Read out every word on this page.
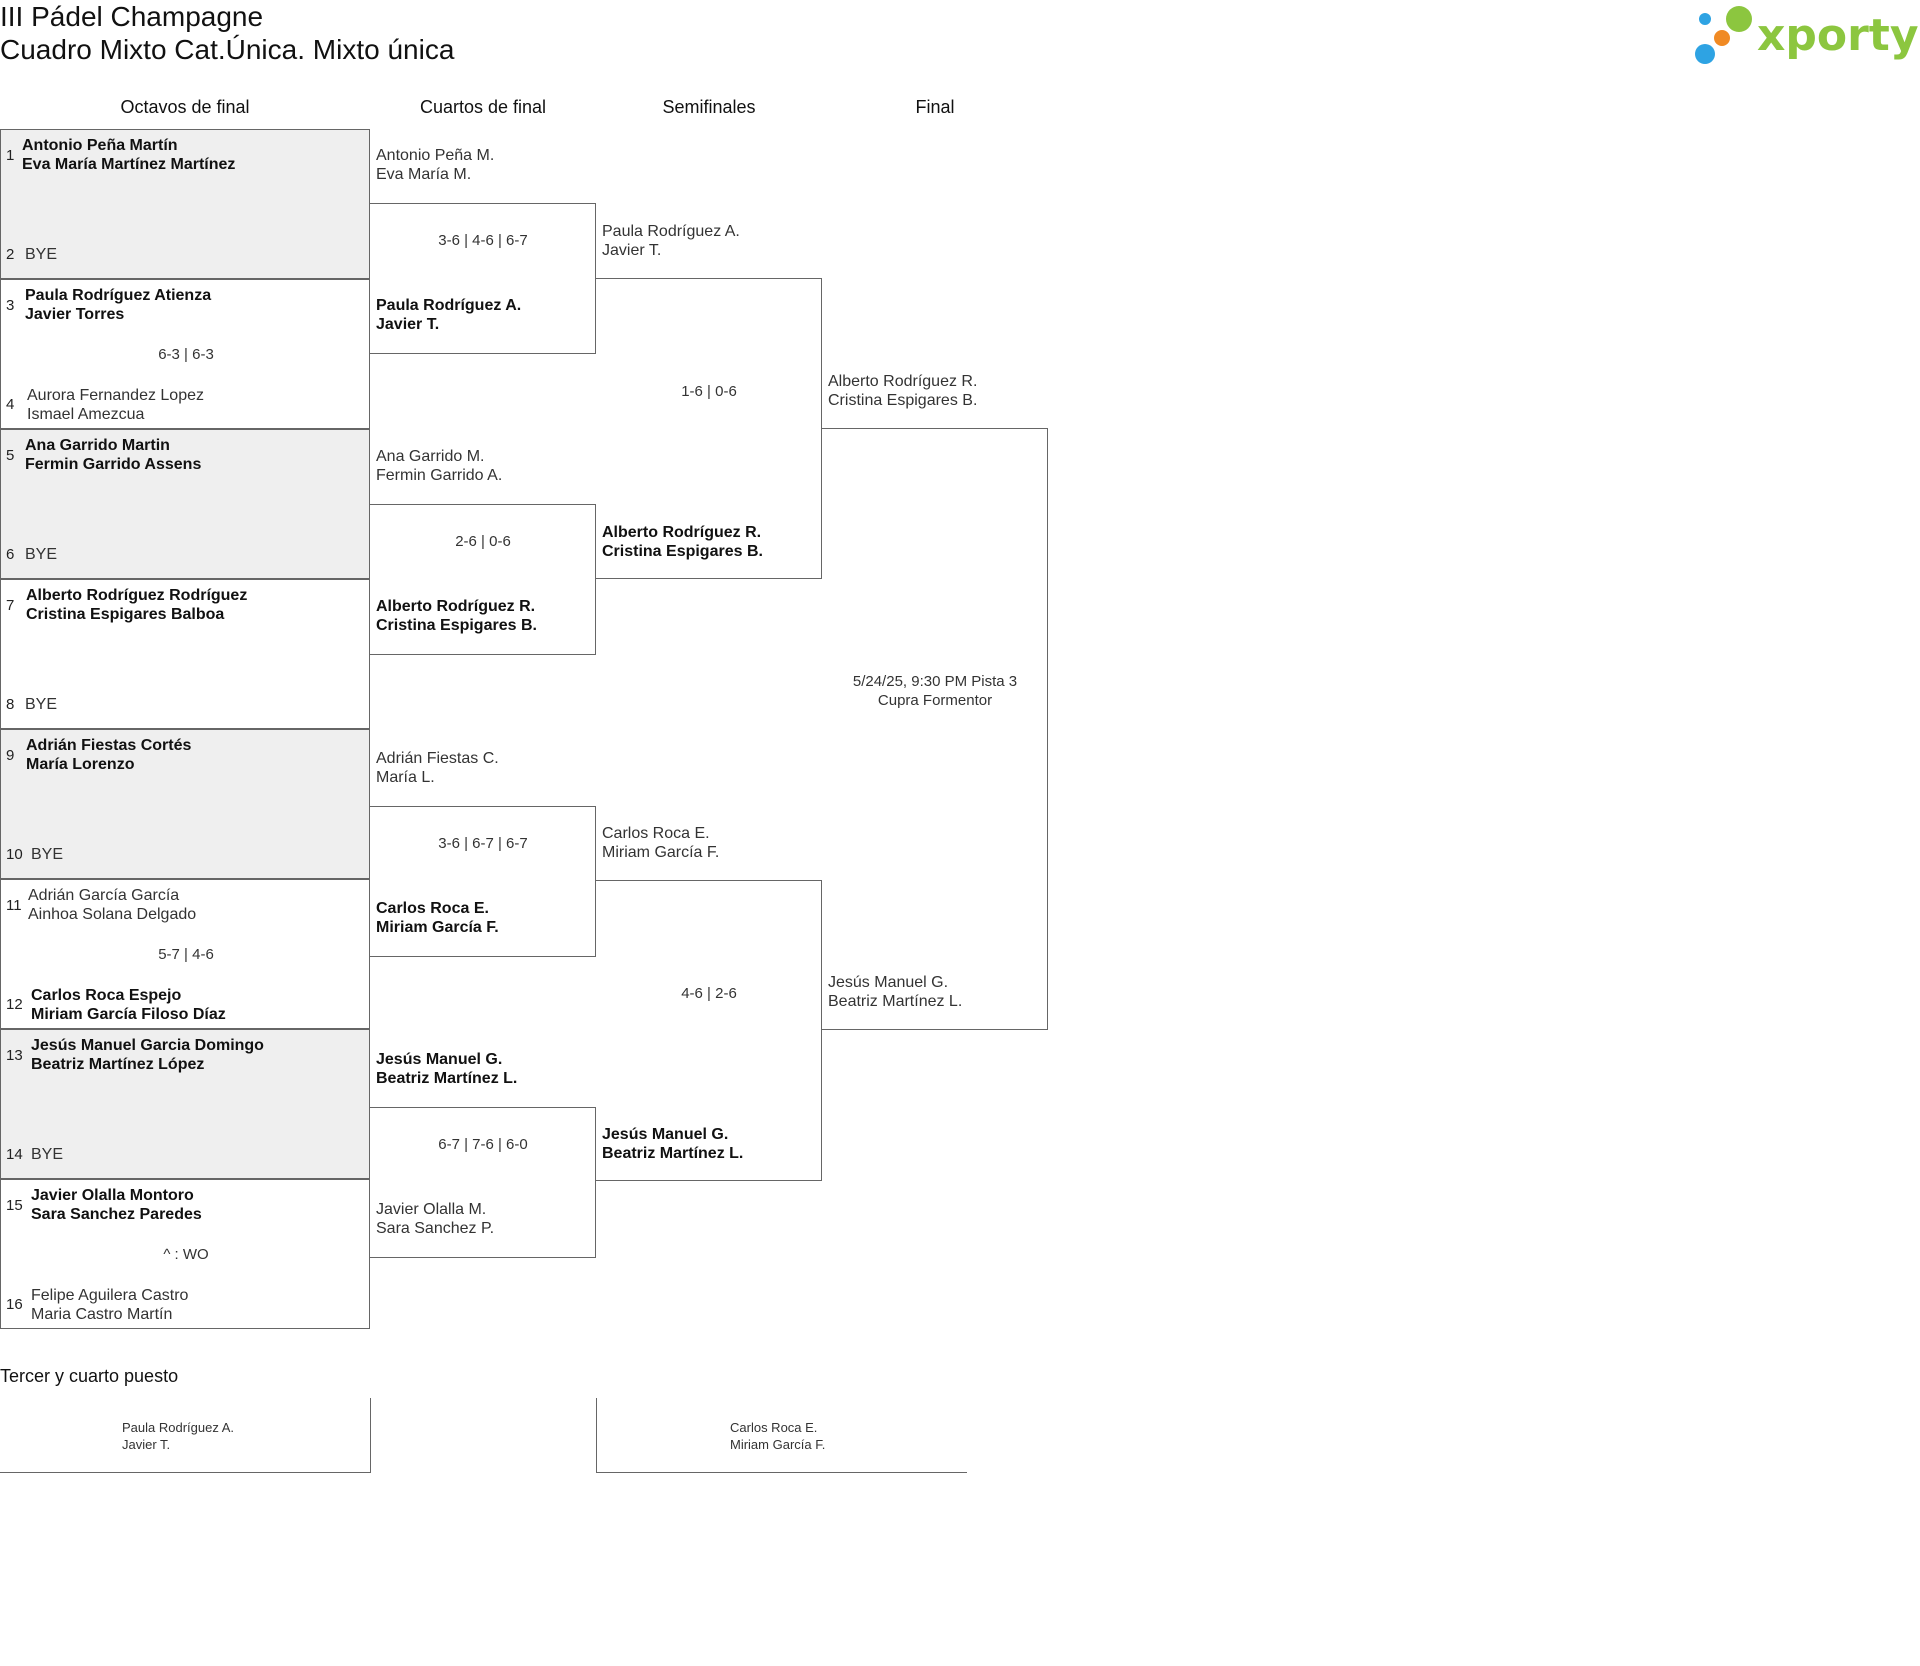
III Pádel Champagne
Cuadro Mixto Cat.Única. Mixto única	xporty
Octavos de final	Cuartos de final	Semifinales	Final
1
Antonio Peña Martín
Eva María Martínez Martínez
2 BYE
3
Paula Rodríguez Atienza
Javier Torres
6-3 | 6-3
4
Aurora Fernandez Lopez
Ismael Amezcua
5
Ana Garrido Martin
Fermin Garrido Assens
6 BYE
7
Alberto Rodríguez Rodríguez
Cristina Espigares Balboa
8 BYE
9
Adrián Fiestas Cortés
María Lorenzo
10 BYE
11
Adrián García García
Ainhoa Solana Delgado
5-7 | 4-6
12
Carlos Roca Espejo
Miriam García Filoso Díaz
13
Jesús Manuel Garcia Domingo
Beatriz Martínez López
14 BYE
15
Javier Olalla Montoro
Sara Sanchez Paredes
^ : WO
16
Felipe Aguilera Castro
Maria Castro Martín
Antonio Peña M.
Eva María M.
3-6 | 4-6 | 6-7
Paula Rodríguez A.
Javier T.
Ana Garrido M.
Fermin Garrido A.
2-6 | 0-6
Alberto Rodríguez R.
Cristina Espigares B.
Adrián Fiestas C.
María L.
3-6 | 6-7 | 6-7
Carlos Roca E.
Miriam García F.
Jesús Manuel G.
Beatriz Martínez L.
6-7 | 7-6 | 6-0
Javier Olalla M.
Sara Sanchez P.
Paula Rodríguez A.
Javier T.
1-6 | 0-6
Alberto Rodríguez R.
Cristina Espigares B.
Carlos Roca E.
Miriam García F.
4-6 | 2-6
Jesús Manuel G.
Beatriz Martínez L.
Alberto Rodríguez R.
Cristina Espigares B.
5/24/25, 9:30 PM Pista 3
Cupra Formentor
Jesús Manuel G.
Beatriz Martínez L.
Tercer y cuarto puesto
Paula Rodríguez A.
Javier T.
Carlos Roca E.
Miriam García F.
